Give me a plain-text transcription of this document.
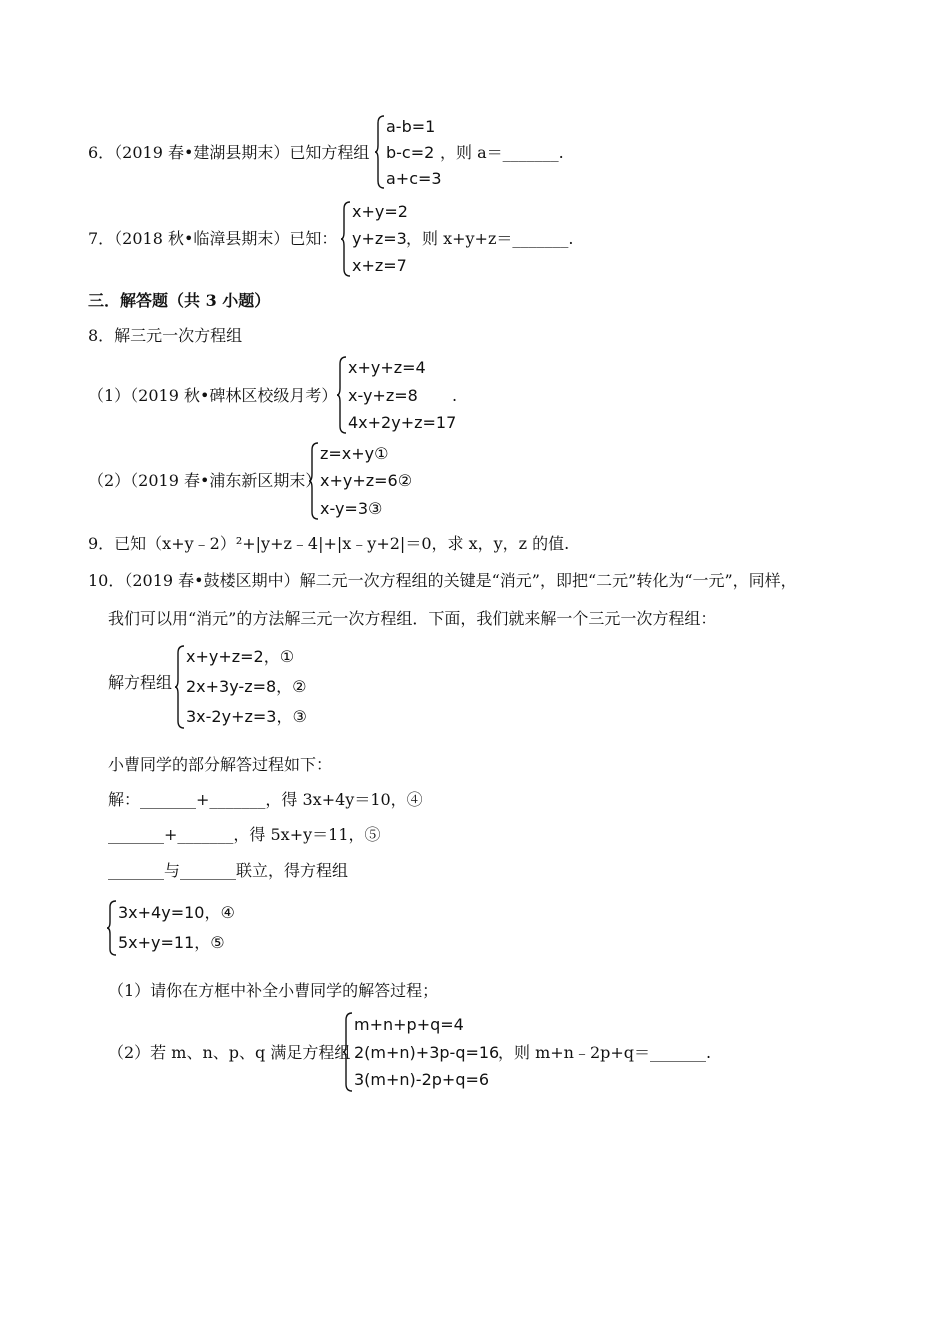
6．（2019 春•建湖县期末）已知方程组
a-b=1
b-c=2
a+c=3
，则 a＝_______.
7．（2018 秋•临漳县期末）已知：
x+y=2
y+z=3
x+z=7
，则 x+y+z＝_______.
三．解答题（共 3 小题）
8．解三元一次方程组
（1）（2019 秋•碑林区校级月考）
x+y+z=4
x-y+z=8
4x+2y+z=17
.
（2）（2019 春•浦东新区期末）
z=x+y①
x+y+z=6②
x-y=3③
9．已知（x+y﹣2）²+|y+z﹣4|+|x﹣y+2|＝0，求 x，y，z 的值.
10．（2019 春•鼓楼区期中）解二元一次方程组的关键是“消元”，即把“二元”转化为“一元”，同样，
我们可以用“消元”的方法解三元一次方程组．下面，我们就来解一个三元一次方程组：
解方程组
x+y+z=2，①
2x+3y-z=8，②
3x-2y+z=3，③
小曹同学的部分解答过程如下：
解：_______+_______，得 3x+4y＝10，④
_______+_______，得 5x+y＝11，⑤
_______与_______联立，得方程组
3x+4y=10，④
5x+y=11，⑤
（1）请你在方框中补全小曹同学的解答过程；
（2）若 m、n、p、q 满足方程组
m+n+p+q=4
2(m+n)+3p-q=16
3(m+n)-2p+q=6
，则 m+n﹣2p+q＝_______.
